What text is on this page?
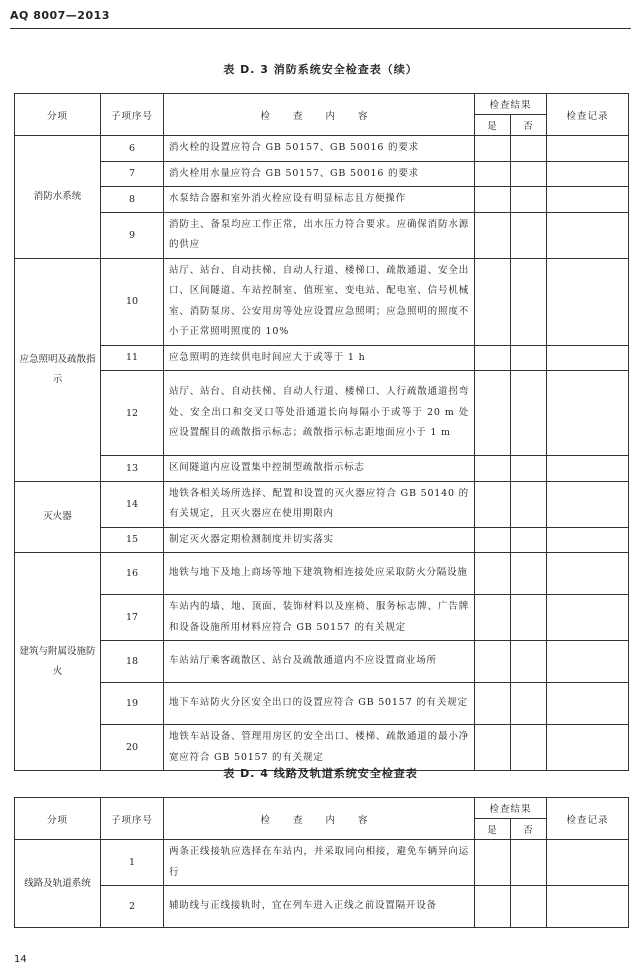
AQ 8007—2013
表 D. 3 消防系统安全检查表（续）
分项	子项序号	检 查 内 容	检查结果		检查记录
			是	否	
消防水系统	6	消火栓的设置应符合 GB 50157、GB 50016 的要求			
	7	消火栓用水量应符合 GB 50157、GB 50016 的要求			
	8	水泵结合器和室外消火栓应设有明显标志且方便操作			
	9	消防主、备泵均应工作正常，出水压力符合要求。应确保消防水源的供应			
应急照明及疏散指示	10	站厅、站台、自动扶梯、自动人行道、楼梯口、疏散通道、安全出口、区间隧道、车站控制室、值班室、变电站、配电室、信号机械室、消防泵房、公安用房等处应设置应急照明；应急照明的照度不小于正常照明照度的 10%			
	11	应急照明的连续供电时间应大于或等于 1 h			
	12	站厅、站台、自动扶梯、自动人行道、楼梯口、人行疏散通道拐弯处、安全出口和交叉口等处沿通道长向每隔小于或等于 20 m 处应设置醒目的疏散指示标志；疏散指示标志距地面应小于 1 m			
	13	区间隧道内应设置集中控制型疏散指示标志			
灭火器	14	地铁各相关场所选择、配置和设置的灭火器应符合 GB 50140 的有关规定，且灭火器应在使用期限内			
	15	制定灭火器定期检测制度并切实落实			
建筑与附属设施防火	16	地铁与地下及地上商场等地下建筑物相连接处应采取防火分隔设施			
	17	车站内的墙、地、顶面、装饰材料以及座椅、服务标志牌、广告牌和设备设施所用材料应符合 GB 50157 的有关规定			
	18	车站站厅乘客疏散区、站台及疏散通道内不应设置商业场所			
	19	地下车站防火分区安全出口的设置应符合 GB 50157 的有关规定			
	20	地铁车站设备、管理用房区的安全出口、楼梯、疏散通道的最小净宽应符合 GB 50157 的有关规定			
表 D. 4 线路及轨道系统安全检查表
分项	子项序号	检 查 内 容	检查结果		检查记录
			是	否	
线路及轨道系统	1	两条正线接轨应选择在车站内，并采取同向相接，避免车辆异向运行			
	2	辅助线与正线接轨时，宜在列车进入正线之前设置隔开设备			
14
